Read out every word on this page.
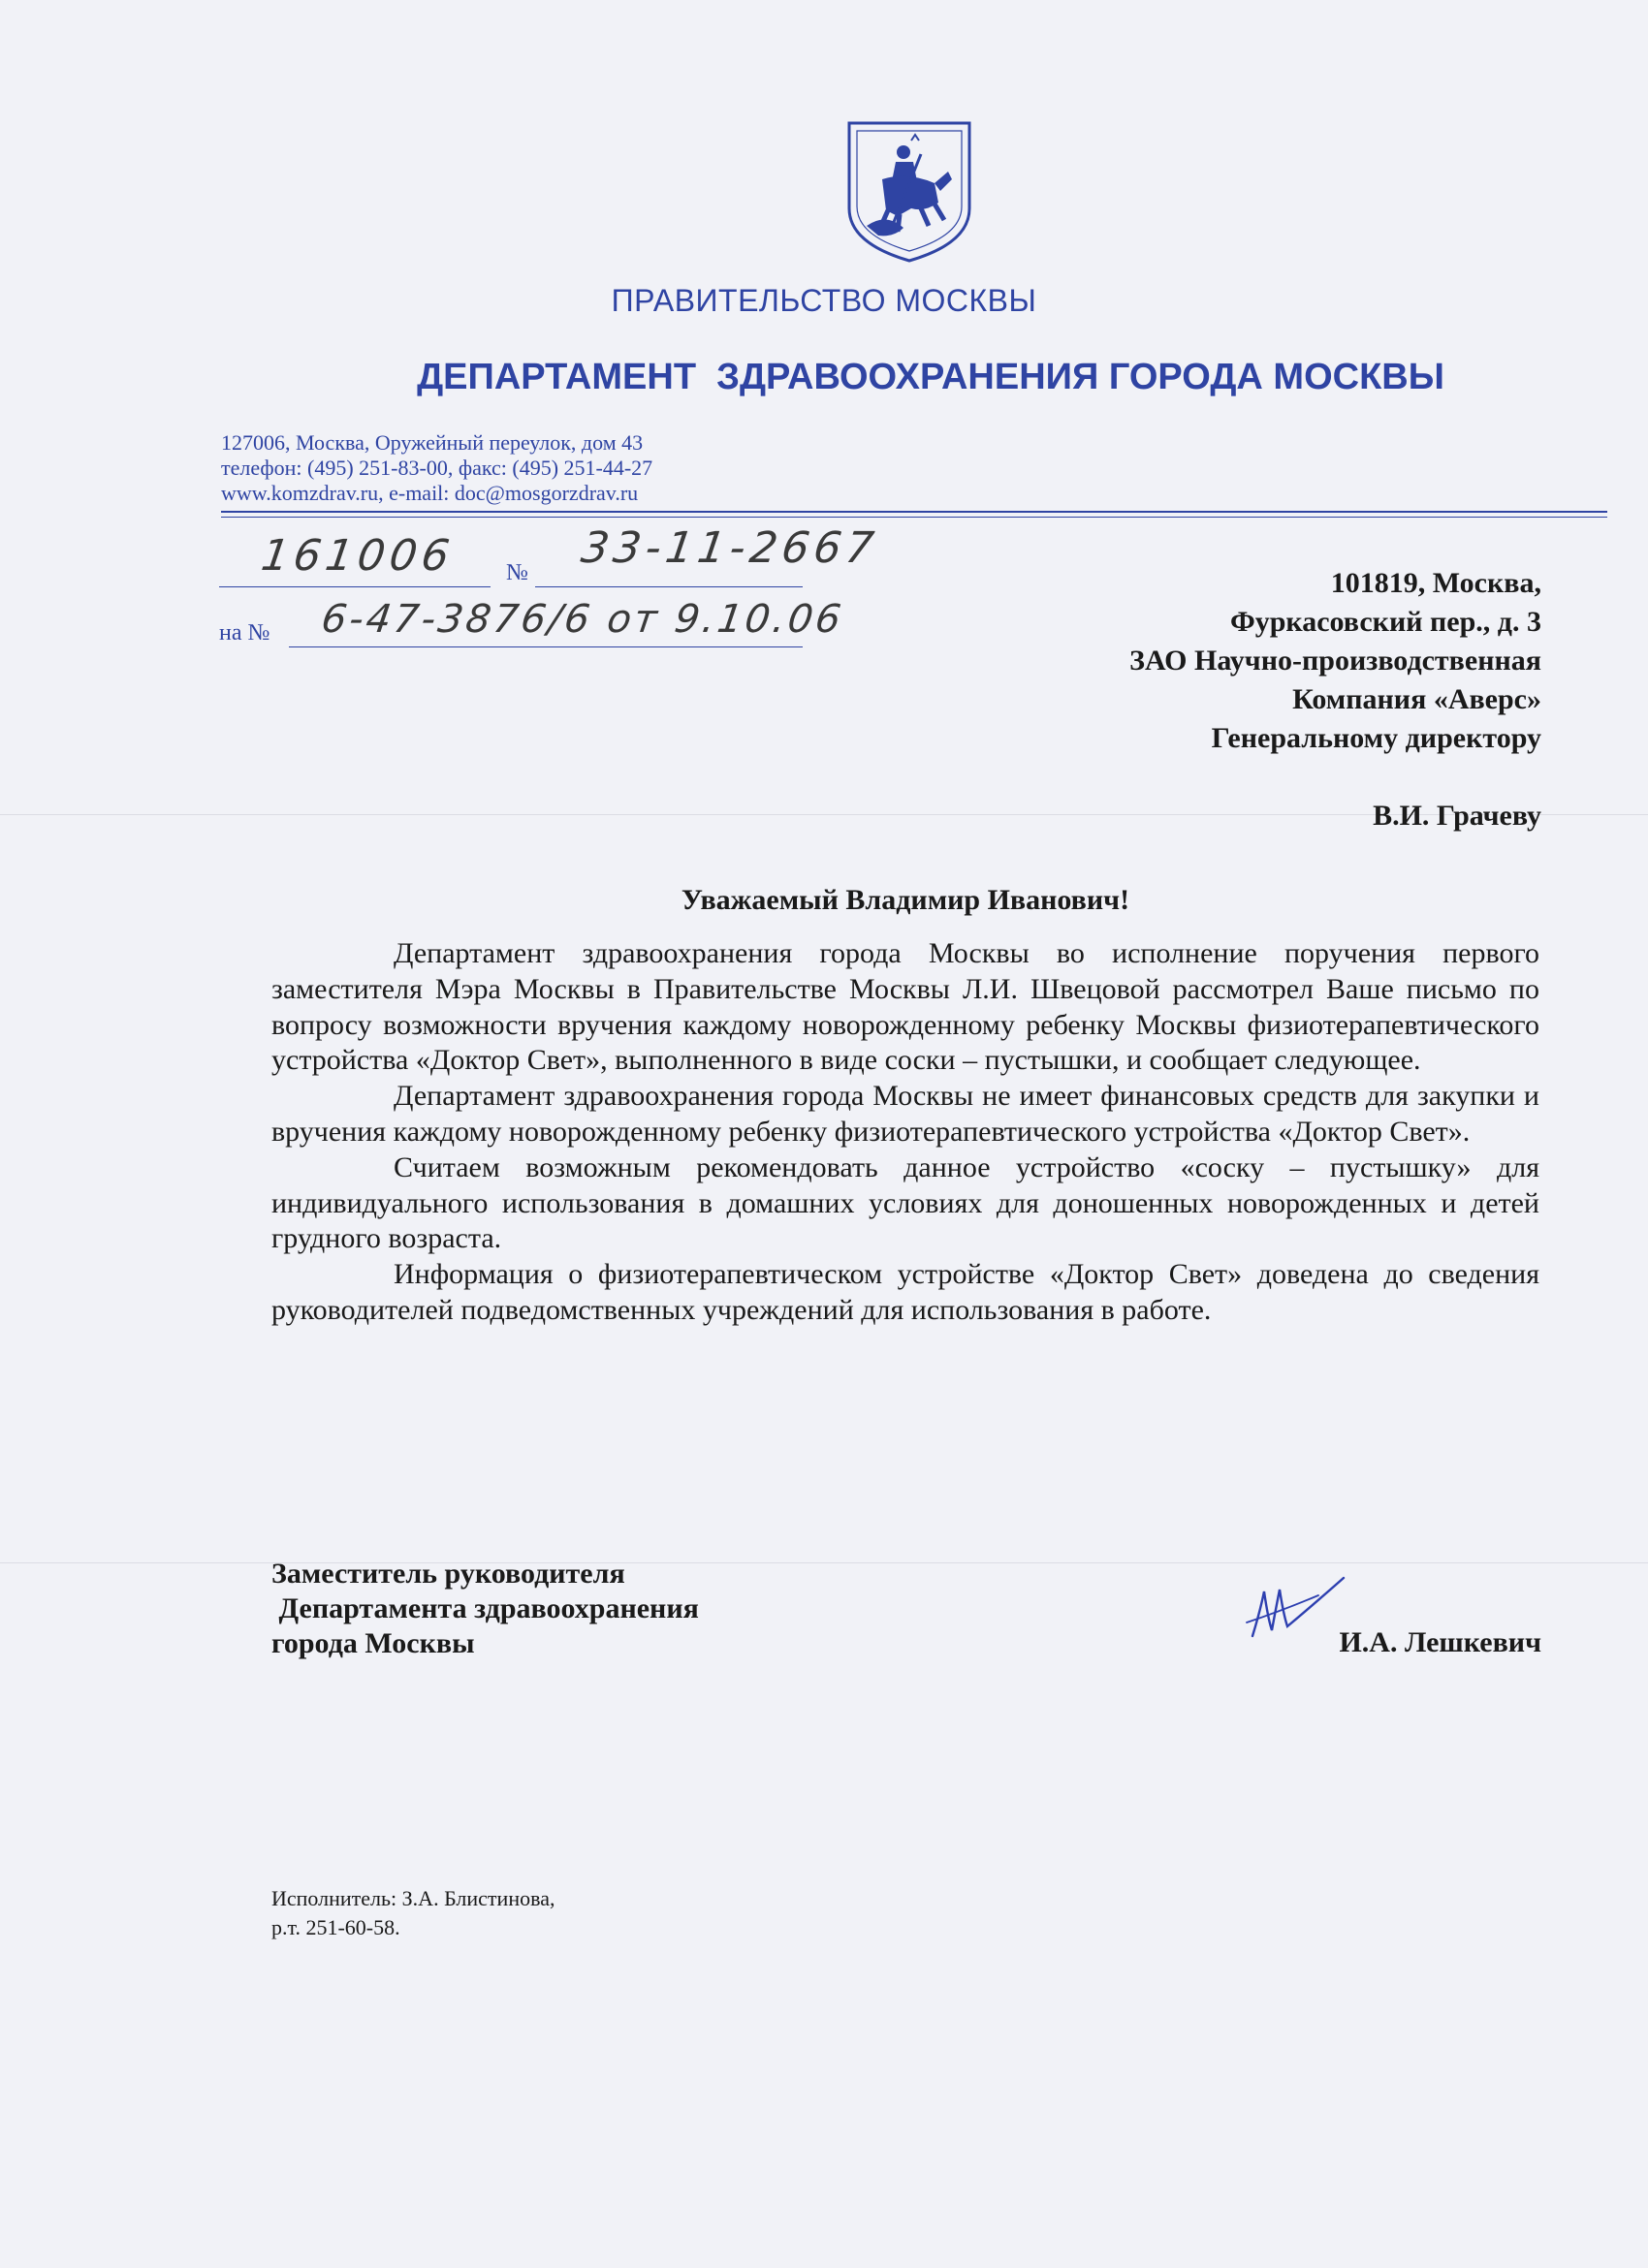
ПРАВИТЕЛЬСТВО МОСКВЫ
ДЕПАРТАМЕНТ  ЗДРАВООХРАНЕНИЯ ГОРОДА МОСКВЫ
127006, Москва, Оружейный переулок, дом 43
телефон: (495) 251-83-00, факс: (495) 251-44-27
www.komzdrav.ru, e-mail: doc@mosgorzdrav.ru
№
на №
161006	33-11-2667
6-47-3876/6 от 9.10.06
101819, Москва,
Фуркасовский пер., д. 3
ЗАО Научно-производственная
Компания «Аверс»
Генеральному директору
В.И. Грачеву
Уважаемый Владимир Иванович!

Департамент здравоохранения города Москвы во исполнение поручения первого заместителя Мэра Москвы в Правительстве Москвы Л.И. Швецовой рассмотрел Ваше письмо по вопросу возможности вручения каждому новорожденному ребенку Москвы физиотерапевтического устройства «Доктор Свет», выполненного в виде соски – пустышки, и сообщает следующее.

Департамент здравоохранения города Москвы не имеет финансовых средств для закупки и вручения каждому новорожденному ребенку физиотерапевтического устройства «Доктор Свет».

Считаем возможным рекомендовать данное устройство «соску – пустышку» для индивидуального использования в домашних условиях для доношенных новорожденных и детей грудного возраста.

Информация о физиотерапевтическом устройстве «Доктор Свет» доведена до сведения руководителей подведомственных учреждений для использования в работе.

Заместитель руководителя
Департамента здравоохранения
города Москвы	И.А. Лешкевич
Исполнитель: З.А. Блистинова,
р.т. 251-60-58.
